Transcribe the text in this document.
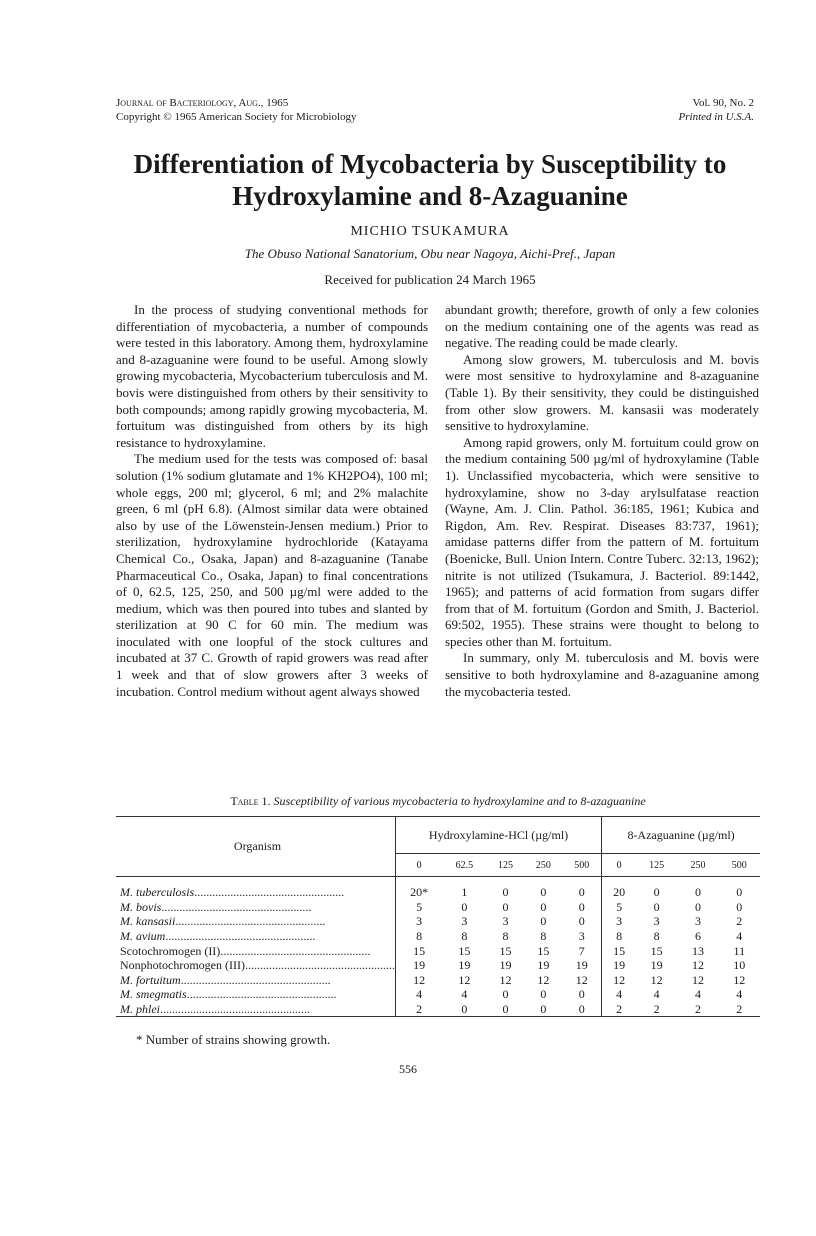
Journal of Bacteriology, Aug., 1965
Copyright © 1965 American Society for Microbiology
Vol. 90, No. 2
Printed in U.S.A.
Differentiation of Mycobacteria by Susceptibility to
Hydroxylamine and 8-Azaguanine
MICHIO TSUKAMURA
The Obuso National Sanatorium, Obu near Nagoya, Aichi-Pref., Japan
Received for publication 24 March 1965

In the process of studying conventional methods for differentiation of mycobacteria, a number of compounds were tested in this laboratory. Among them, hydroxylamine and 8-azaguanine were found to be useful. Among slowly growing mycobacteria, Mycobacterium tuberculosis and M. bovis were distinguished from others by their sensitivity to both compounds; among rapidly growing mycobacteria, M. fortuitum was distinguished from others by its high resistance to hydroxylamine.

The medium used for the tests was composed of: basal solution (1% sodium glutamate and 1% KH2PO4), 100 ml; whole eggs, 200 ml; glycerol, 6 ml; and 2% malachite green, 6 ml (pH 6.8). (Almost similar data were obtained also by use of the Löwenstein-Jensen medium.) Prior to sterilization, hydroxylamine hydrochloride (Katayama Chemical Co., Osaka, Japan) and 8-azaguanine (Tanabe Pharmaceutical Co., Osaka, Japan) to final concentrations of 0, 62.5, 125, 250, and 500 µg/ml were added to the medium, which was then poured into tubes and slanted by sterilization at 90 C for 60 min. The medium was inoculated with one loopful of the stock cultures and incubated at 37 C. Growth of rapid growers was read after 1 week and that of slow growers after 3 weeks of incubation. Control medium without agent always showed

abundant growth; therefore, growth of only a few colonies on the medium containing one of the agents was read as negative. The reading could be made clearly.

Among slow growers, M. tuberculosis and M. bovis were most sensitive to hydroxylamine and 8-azaguanine (Table 1). By their sensitivity, they could be distinguished from other slow growers. M. kansasii was moderately sensitive to hydroxylamine.

Among rapid growers, only M. fortuitum could grow on the medium containing 500 µg/ml of hydroxylamine (Table 1). Unclassified mycobacteria, which were sensitive to hydroxylamine, show no 3-day arylsulfatase reaction (Wayne, Am. J. Clin. Pathol. 36:185, 1961; Kubica and Rigdon, Am. Rev. Respirat. Diseases 83:737, 1961); amidase patterns differ from the pattern of M. fortuitum (Boenicke, Bull. Union Intern. Contre Tuberc. 32:13, 1962); nitrite is not utilized (Tsukamura, J. Bacteriol. 89:1442, 1965); and patterns of acid formation from sugars differ from that of M. fortuitum (Gordon and Smith, J. Bacteriol. 69:502, 1955). These strains were thought to belong to species other than M. fortuitum.

In summary, only M. tuberculosis and M. bovis were sensitive to both hydroxylamine and 8-azaguanine among the mycobacteria tested.

Table 1. Susceptibility of various mycobacteria to hydroxylamine and to 8-azaguanine
Organism	Hydroxylamine-HCl (µg/ml)					8-Azaguanine (µg/ml)			
	0	62.5	125	250	500	0	125	250	500
M. tuberculosis..................................................	20*	1	0	0	0	20	0	0	0
M. bovis..................................................	5	0	0	0	0	5	0	0	0
M. kansasii..................................................	3	3	3	0	0	3	3	3	2
M. avium..................................................	8	8	8	8	3	8	8	6	4
Scotochromogen (II)..................................................	15	15	15	15	7	15	15	13	11
Nonphotochromogen (III)..................................................	19	19	19	19	19	19	19	12	10
M. fortuitum..................................................	12	12	12	12	12	12	12	12	12
M. smegmatis..................................................	4	4	0	0	0	4	4	4	4
M. phlei..................................................	2	0	0	0	0	2	2	2	2
* Number of strains showing growth.
556
